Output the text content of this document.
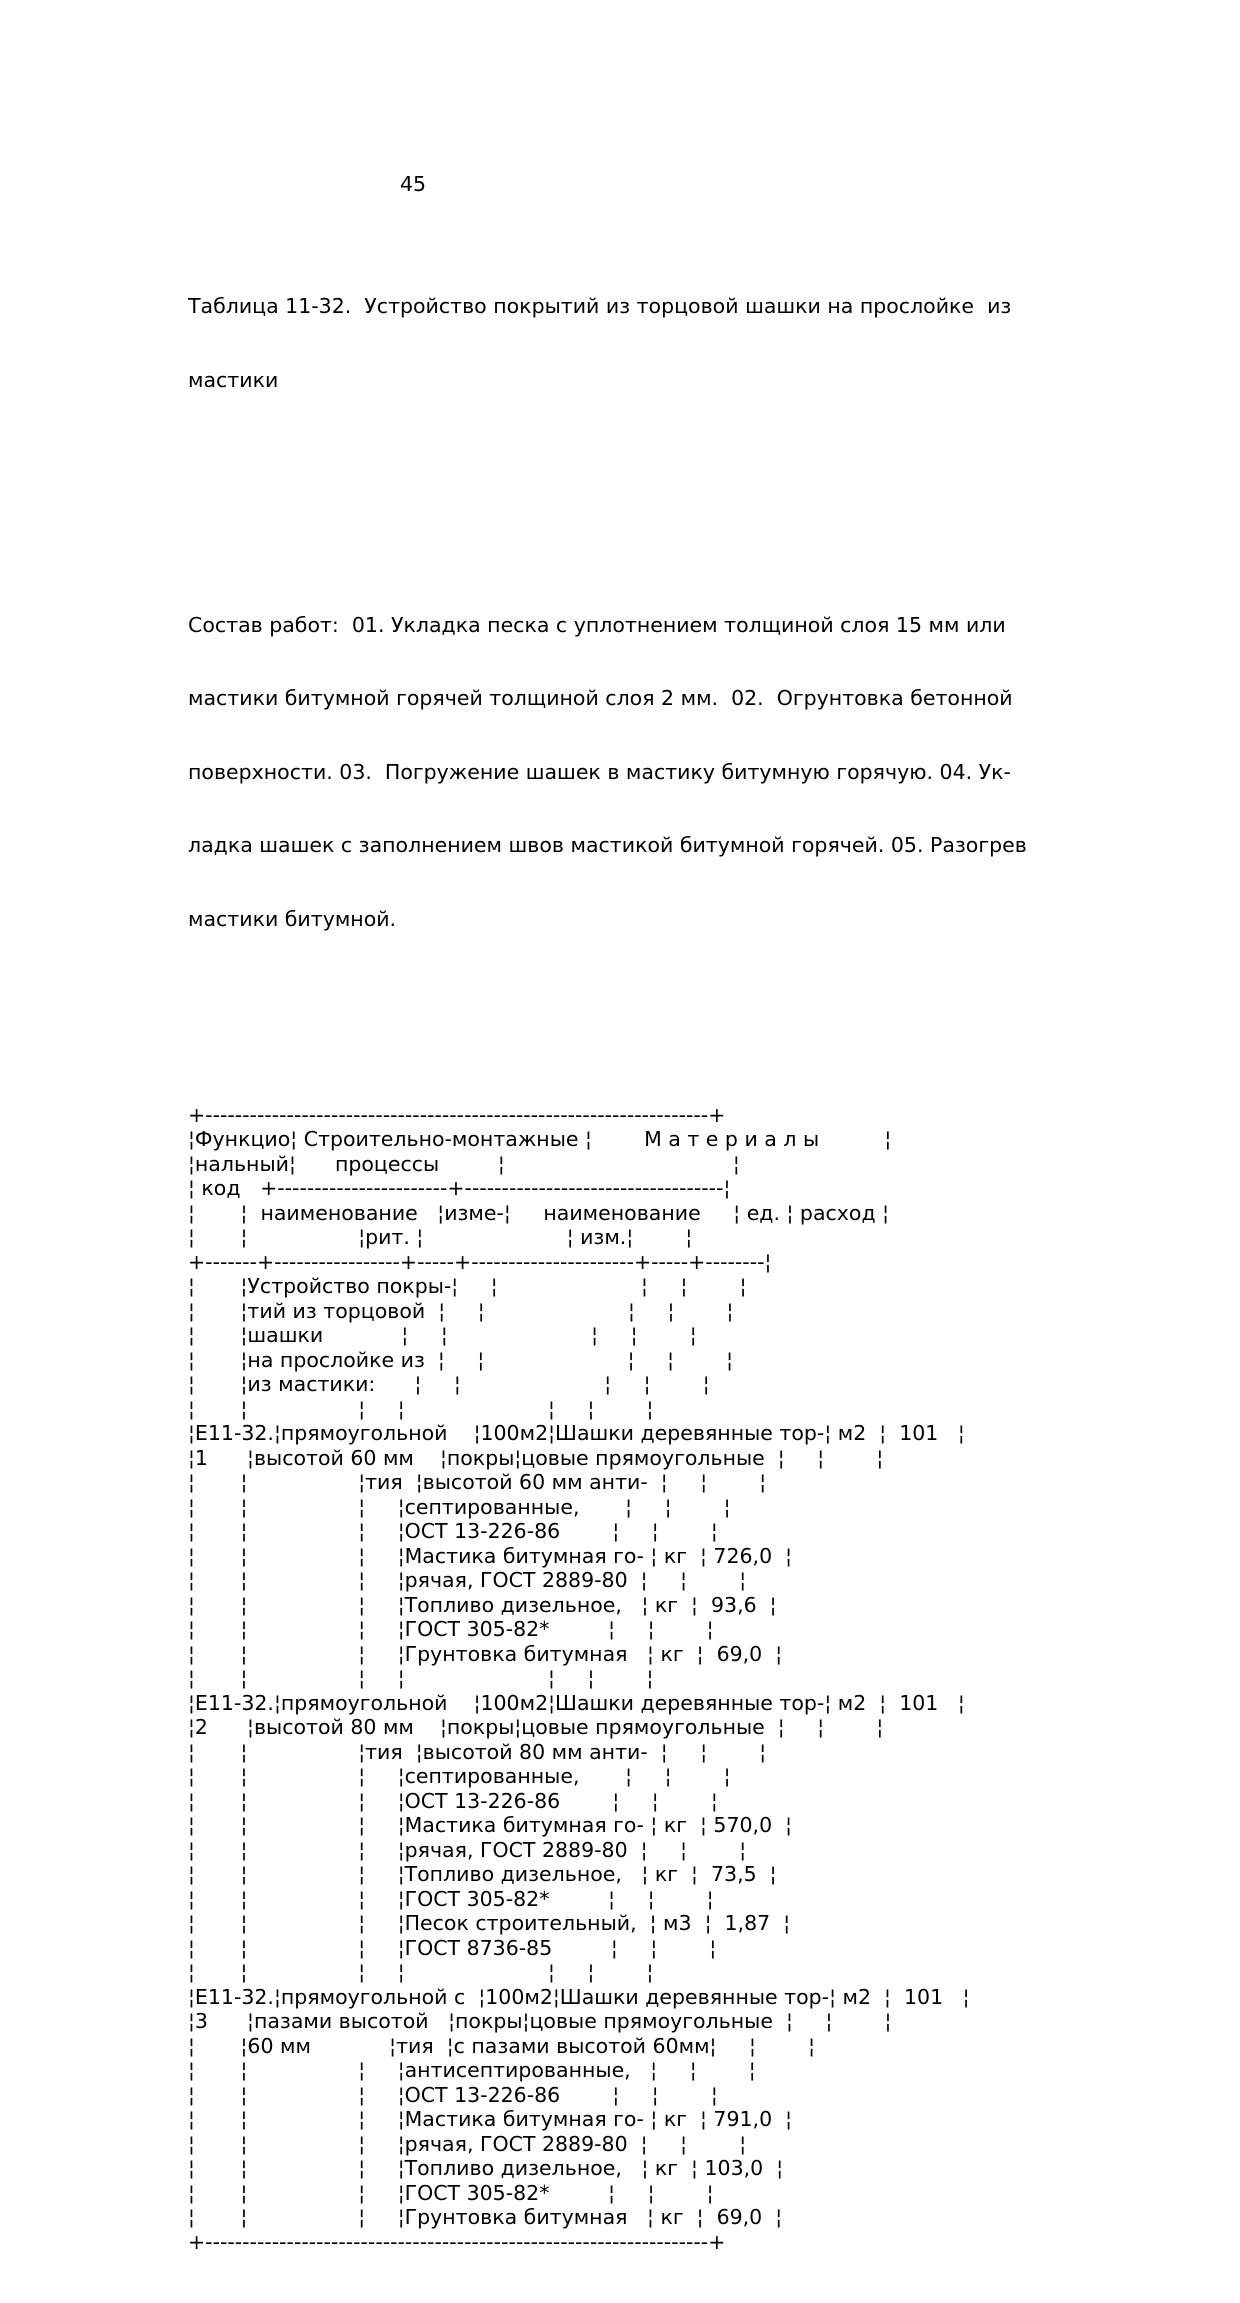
45

Таблица 11-32.  Устройство покрытий из торцовой шашки на прослойке  из

мастики

Состав работ:  01. Укладка песка с уплотнением толщиной слоя 15 мм или

мастики битумной горячей толщиной слоя 2 мм.  02.  Огрунтовка бетонной

поверхности. 03.  Погружение шашек в мастику битумную горячую. 04. Ук-

ладка шашек с заполнением швов мастикой битумной горячей. 05. Разогрев

мастики битумной.

+--------------------------------------------------------------------+
¦Функцио¦ Строительно-монтажные ¦        М а т е р и а л ы          ¦
¦нальный¦      процессы         ¦                                   ¦
¦ код   +-----------------------+-----------------------------------¦
¦       ¦  наименование   ¦изме-¦     наименование     ¦ ед. ¦ расход ¦
¦       ¦                 ¦рит. ¦                      ¦ изм.¦        ¦
+-------+-----------------+-----+----------------------+-----+--------¦
¦       ¦Устройство покры-¦     ¦                      ¦     ¦        ¦
¦       ¦тий из торцовой  ¦     ¦                      ¦     ¦        ¦
¦       ¦шашки            ¦     ¦                      ¦     ¦        ¦
¦       ¦на прослойке из  ¦     ¦                      ¦     ¦        ¦
¦       ¦из мастики:      ¦     ¦                      ¦     ¦        ¦
¦       ¦                 ¦     ¦                      ¦     ¦        ¦
¦Е11-32.¦прямоугольной    ¦100м2¦Шашки деревянные тор-¦ м2  ¦  101   ¦
¦1      ¦высотой 60 мм    ¦покры¦цовые прямоугольные  ¦     ¦        ¦
¦       ¦                 ¦тия  ¦высотой 60 мм анти-  ¦     ¦        ¦
¦       ¦                 ¦     ¦септированные,       ¦     ¦        ¦
¦       ¦                 ¦     ¦ОСТ 13-226-86        ¦     ¦        ¦
¦       ¦                 ¦     ¦Мастика битумная го- ¦ кг  ¦ 726,0  ¦
¦       ¦                 ¦     ¦рячая, ГОСТ 2889-80  ¦     ¦        ¦
¦       ¦                 ¦     ¦Топливо дизельное,   ¦ кг  ¦  93,6  ¦
¦       ¦                 ¦     ¦ГОСТ 305-82*         ¦     ¦        ¦
¦       ¦                 ¦     ¦Грунтовка битумная   ¦ кг  ¦  69,0  ¦
¦       ¦                 ¦     ¦                      ¦     ¦        ¦
¦Е11-32.¦прямоугольной    ¦100м2¦Шашки деревянные тор-¦ м2  ¦  101   ¦
¦2      ¦высотой 80 мм    ¦покры¦цовые прямоугольные  ¦     ¦        ¦
¦       ¦                 ¦тия  ¦высотой 80 мм анти-  ¦     ¦        ¦
¦       ¦                 ¦     ¦септированные,       ¦     ¦        ¦
¦       ¦                 ¦     ¦ОСТ 13-226-86        ¦     ¦        ¦
¦       ¦                 ¦     ¦Мастика битумная го- ¦ кг  ¦ 570,0  ¦
¦       ¦                 ¦     ¦рячая, ГОСТ 2889-80  ¦     ¦        ¦
¦       ¦                 ¦     ¦Топливо дизельное,   ¦ кг  ¦  73,5  ¦
¦       ¦                 ¦     ¦ГОСТ 305-82*         ¦     ¦        ¦
¦       ¦                 ¦     ¦Песок строительный,  ¦ м3  ¦  1,87  ¦
¦       ¦                 ¦     ¦ГОСТ 8736-85         ¦     ¦        ¦
¦       ¦                 ¦     ¦                      ¦     ¦        ¦
¦Е11-32.¦прямоугольной с  ¦100м2¦Шашки деревянные тор-¦ м2  ¦  101   ¦
¦3      ¦пазами высотой   ¦покры¦цовые прямоугольные  ¦     ¦        ¦
¦       ¦60 мм            ¦тия  ¦с пазами высотой 60мм¦     ¦        ¦
¦       ¦                 ¦     ¦антисептированные,   ¦     ¦        ¦
¦       ¦                 ¦     ¦ОСТ 13-226-86        ¦     ¦        ¦
¦       ¦                 ¦     ¦Мастика битумная го- ¦ кг  ¦ 791,0  ¦
¦       ¦                 ¦     ¦рячая, ГОСТ 2889-80  ¦     ¦        ¦
¦       ¦                 ¦     ¦Топливо дизельное,   ¦ кг  ¦ 103,0  ¦
¦       ¦                 ¦     ¦ГОСТ 305-82*         ¦     ¦        ¦
¦       ¦                 ¦     ¦Грунтовка битумная   ¦ кг  ¦  69,0  ¦
+--------------------------------------------------------------------+
